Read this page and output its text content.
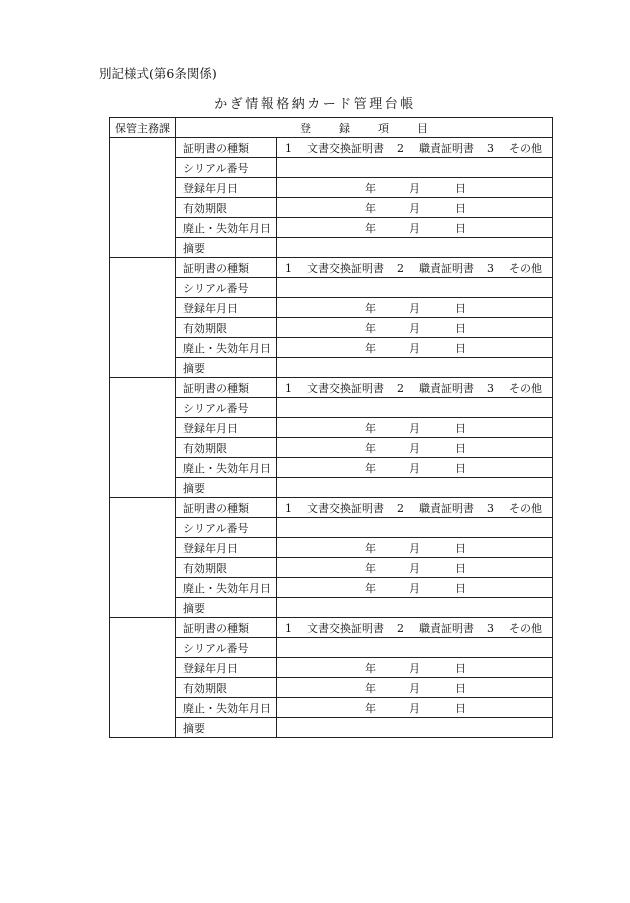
別記様式(第6条関係)
かぎ情報格納カード管理台帳
保管主務課	登 録 項 目	
	証明書の種類	1 文書交換証明書 2 職責証明書 3 その他
	シリアル番号	
	登録年月日	年 月 日

	有効期限	年 月 日

	廃止・失効年月日	年 月 日

	摘要	
	証明書の種類	1 文書交換証明書 2 職責証明書 3 その他
	シリアル番号	
	登録年月日	年 月 日

	有効期限	年 月 日

	廃止・失効年月日	年 月 日

	摘要	
	証明書の種類	1 文書交換証明書 2 職責証明書 3 その他
	シリアル番号	
	登録年月日	年 月 日

	有効期限	年 月 日

	廃止・失効年月日	年 月 日

	摘要	
	証明書の種類	1 文書交換証明書 2 職責証明書 3 その他
	シリアル番号	
	登録年月日	年 月 日

	有効期限	年 月 日

	廃止・失効年月日	年 月 日

	摘要	
	証明書の種類	1 文書交換証明書 2 職責証明書 3 その他
	シリアル番号	
	登録年月日	年 月 日

	有効期限	年 月 日

	廃止・失効年月日	年 月 日

	摘要	
